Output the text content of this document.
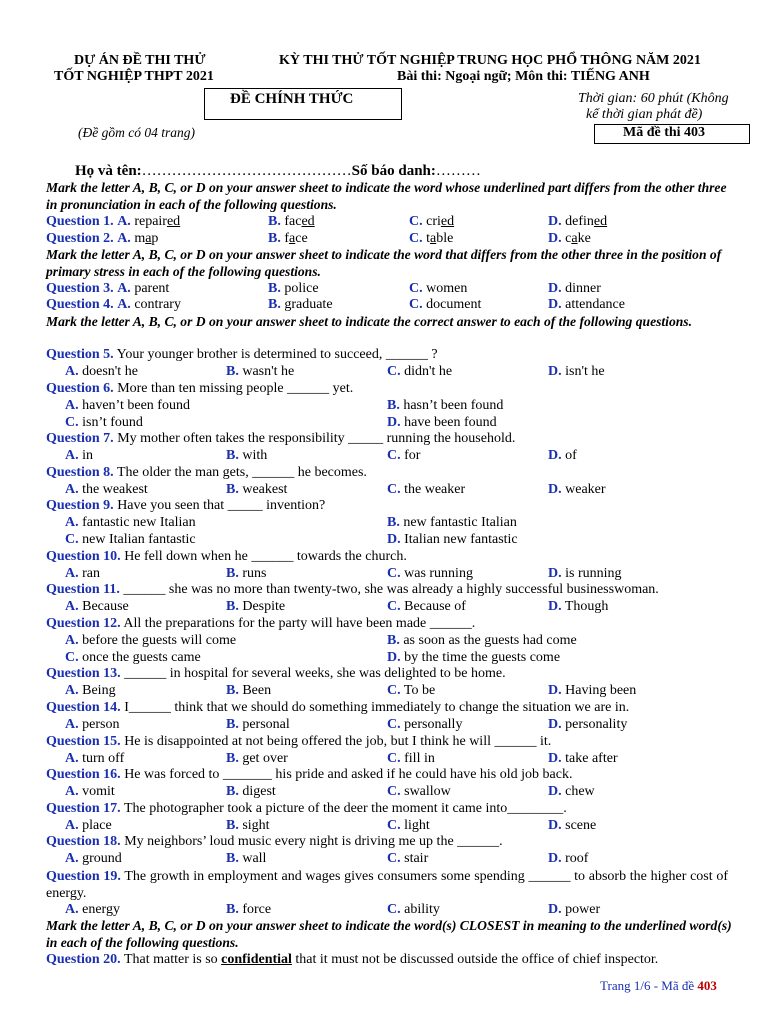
DỰ ÁN ĐỀ THI THỬ
TỐT NGHIỆP THPT 2021
KỲ THI THỬ TỐT NGHIỆP TRUNG HỌC PHỔ THÔNG NĂM 2021
Bài thi: Ngoại ngữ; Môn thi: TIẾNG ANH
ĐỀ CHÍNH THỨC
(Đề gồm có 04 trang)
Thời gian: 60 phút (Không
kể thời gian phát đề)
Mã đề thi 403
Họ và tên:……………………………………Số báo danh:………
Mark the letter A, B, C, or D on your answer sheet to indicate the word whose underlined part differs from the other three in pronunciation in each of the following questions.
Question 1. A. repaired	B. faced	C. cried	D. defined
Question 2. A. map	B. face	C. table	D. cake
Mark the letter A, B, C, or D on your answer sheet to indicate the word that differs from the other three in the position of primary stress in each of the following questions.
Question 3. A. parent	B. police	C. women	D. dinner
Question 4. A. contrary	B. graduate	C. document	D. attendance
Mark the letter A, B, C, or D on your answer sheet to indicate the correct answer to each of the following questions.
Question 5. Your younger brother is determined to succeed, ______ ?
A. doesn't he	B. wasn't he	C. didn't he	D. isn't he
Question 6. More than ten missing people ______ yet.
A. haven’t been found	B. hasn’t been found
C. isn’t found	D. have been found
Question 7. My mother often takes the responsibility _____ running the household.
A. in	B. with	C. for	D. of
Question 8. The older the man gets, ______ he becomes.
A. the weakest	B. weakest	C. the weaker	D. weaker
Question 9. Have you seen that _____ invention?
A. fantastic new Italian	B. new fantastic Italian
C. new Italian fantastic	D. Italian new fantastic
Question 10. He fell down when he ______ towards the church.
A. ran	B. runs	C. was running	D. is running
Question 11. ______ she was no more than twenty-two, she was already a highly successful businesswoman.
A. Because	B. Despite	C. Because of	D. Though
Question 12. All the preparations for the party will have been made ______.
A. before the guests will come	B. as soon as the guests had come
C. once the guests came	D. by the time the guests come
Question 13. ______ in hospital for several weeks, she was delighted to be home.
A. Being	B. Been	C. To be	D. Having been
Question 14. I______ think that we should do something immediately to change the situation we are in.
A. person	B. personal	C. personally	D. personality
Question 15. He is disappointed at not being offered the job, but I think he will ______ it.
A. turn off	B. get over	C. fill in	D. take after
Question 16. He was forced to _______ his pride and asked if he could have his old job back.
A. vomit	B. digest	C. swallow	D. chew
Question 17. The photographer took a picture of the deer the moment it came into________.
A. place	B. sight	C. light	D. scene
Question 18. My neighbors’ loud music every night is driving me up the ______.
A. ground	B. wall	C. stair	D. roof
Question 19. The growth in employment and wages gives consumers some spending ______ to absorb the higher cost of energy.
A. energy	B. force	C. ability	D. power
Mark the letter A, B, C, or D on your answer sheet to indicate the word(s) CLOSEST in meaning to the underlined word(s) in each of the following questions.
Question 20. That matter is so confidential that it must not be discussed outside the office of chief inspector.
Trang 1/6 - Mã đề 403
